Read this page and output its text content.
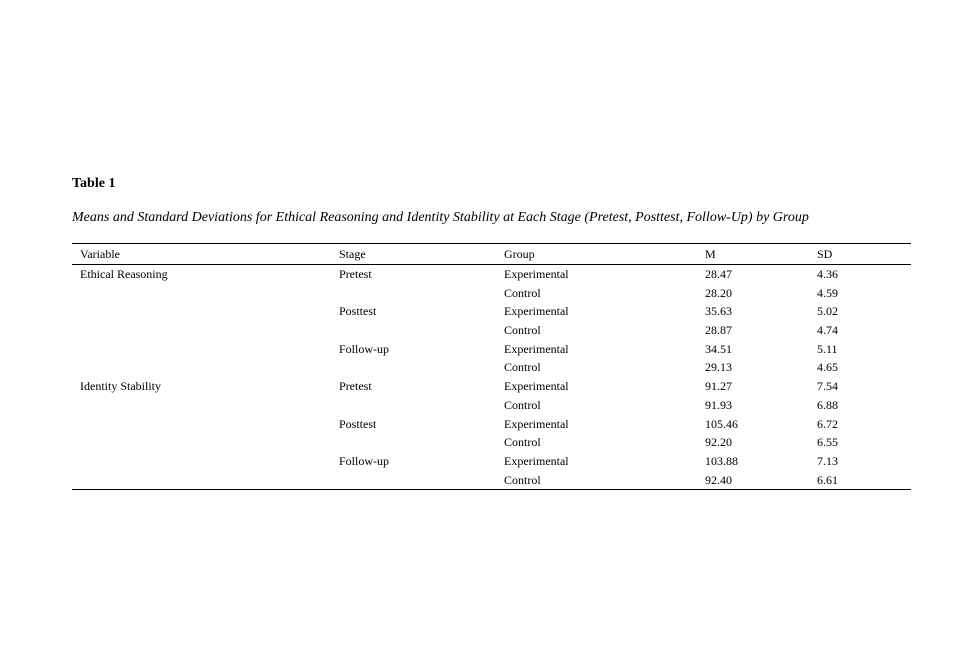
Table 1
Means and Standard Deviations for Ethical Reasoning and Identity Stability at Each Stage (Pretest, Posttest, Follow-Up) by Group
Variable	Stage	Group	M	SD
Ethical Reasoning	Pretest	Experimental	28.47	4.36
		Control	28.20	4.59
	Posttest	Experimental	35.63	5.02
		Control	28.87	4.74
	Follow-up	Experimental	34.51	5.11
		Control	29.13	4.65
Identity Stability	Pretest	Experimental	91.27	7.54
		Control	91.93	6.88
	Posttest	Experimental	105.46	6.72
		Control	92.20	6.55
	Follow-up	Experimental	103.88	7.13
		Control	92.40	6.61
